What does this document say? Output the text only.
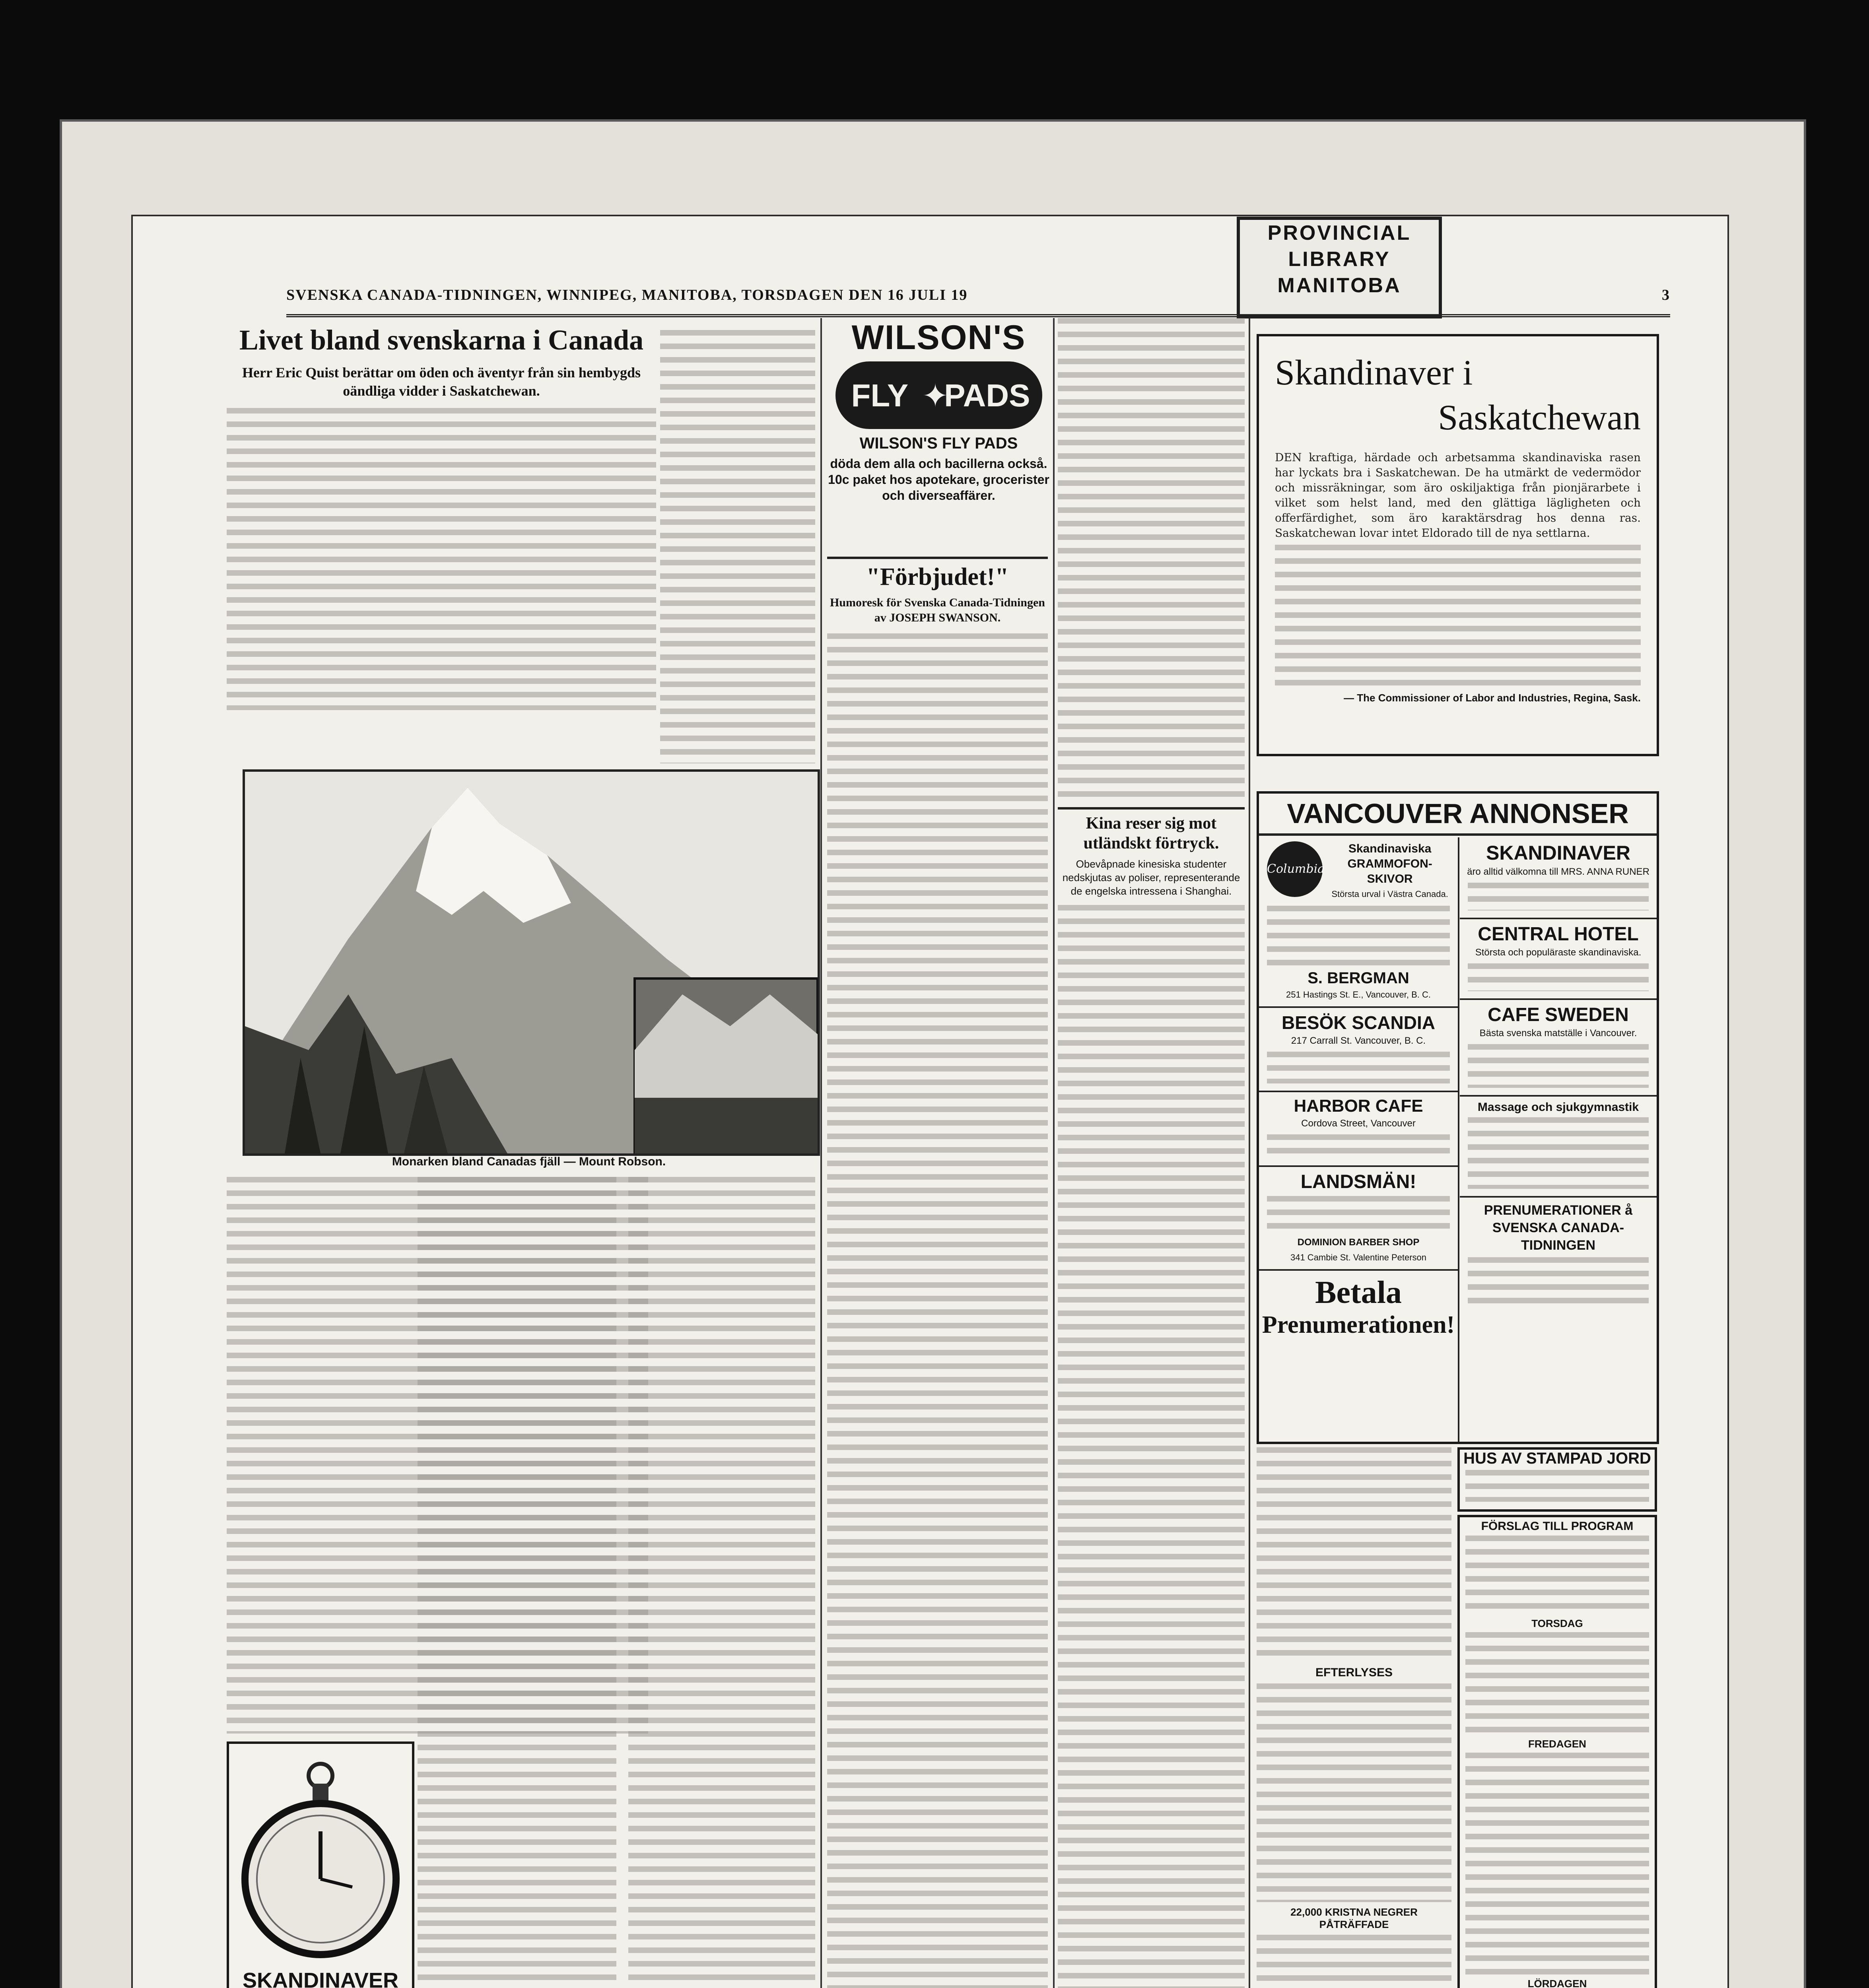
PROVINCIAL
LIBRARY
MANITOBA
SVENSKA CANADA-TIDNINGEN, WINNIPEG, MANITOBA, TORSDAGEN DEN 16 JULI 19	3
Livet bland svenskarna i Canada
Herr Eric Quist berättar om öden och äventyr från sin hembygds oändliga vidder i Saskatchewan.
Monarken bland Canadas fjäll — Mount Robson.
SKANDINAVER
WILSON'S
FLY ✦
PADS
WILSON'S FLY PADS
döda dem alla och bacillerna också. 10c paket hos apotekare, grocerister och diverseaffärer.
"Förbjudet!"
Humoresk för Svenska Canada-Tidningen av JOSEPH SWANSON.
Kina reser sig mot utländskt förtryck.
Obevåpnade kinesiska studenter nedskjutas av poliser, representerande de engelska intressena i Shanghai.
Skandinaver i
Saskatchewan
DEN kraftiga, härdade och arbetsamma skandinaviska rasen har lyckats bra i Saskatchewan. De ha utmärkt de vedermödor och missräkningar, som äro oskiljaktiga från pionjärarbete i vilket som helst land, med den glättiga lägligheten och offerfärdighet, som äro karaktärsdrag hos denna ras. Saskatchewan lovar intet Eldorado till de nya settlarna.
— The Commissioner of Labor and Industries, Regina, Sask.
VANCOUVER ANNONSER
Columbia
Skandinaviska GRAMMOFON-SKIVOR
Största urval i Västra Canada.
S. BERGMAN
251 Hastings St. E., Vancouver, B. C.
BESÖK SCANDIA
217 Carrall St. Vancouver, B. C.
HARBOR CAFE
Cordova Street, Vancouver
LANDSMÄN!
DOMINION BARBER SHOP
341 Cambie St. Valentine Peterson
Betala
Prenumerationen!
SKANDINAVER
äro alltid välkomna till MRS. ANNA RUNER
CENTRAL HOTEL
Största och populäraste skandinaviska.
CAFE SWEDEN
Bästa svenska matställe i Vancouver.
Massage och sjukgymnastik
PRENUMERATIONER å SVENSKA CANADA-TIDNINGEN
EFTERLYSES
22,000 KRISTNA NEGRER PÅTRÄFFADE
HUS AV STAMPAD JORD
FÖRSLAG TILL PROGRAM
TORSDAG
FREDAGEN
LÖRDAGEN
